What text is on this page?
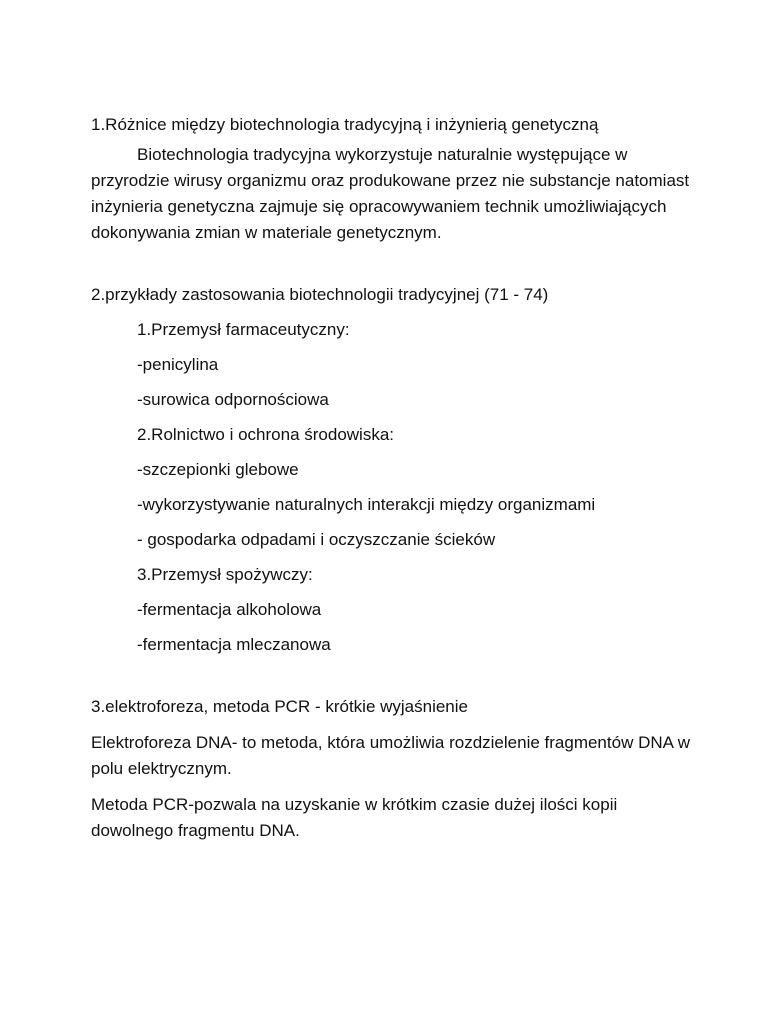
1.Różnice między biotechnologia tradycyjną i inżynierią genetyczną

Biotechnologia tradycyjna wykorzystuje naturalnie występujące w przyrodzie wirusy organizmu oraz produkowane przez nie substancje natomiast inżynieria genetyczna zajmuje się opracowywaniem technik umożliwiających dokonywania zmian w materiale genetycznym.

2.przykłady zastosowania biotechnologii tradycyjnej (71 - 74)

1.Przemysł farmaceutyczny:

-penicylina

-surowica odpornościowa

2.Rolnictwo i ochrona środowiska:

-szczepionki glebowe

-wykorzystywanie naturalnych interakcji między organizmami

- gospodarka odpadami i oczyszczanie ścieków

3.Przemysł spożywczy:

-fermentacja alkoholowa

-fermentacja mleczanowa

3.elektroforeza, metoda PCR - krótkie wyjaśnienie

Elektroforeza DNA- to metoda, która umożliwia rozdzielenie fragmentów DNA w polu elektrycznym.

Metoda PCR-pozwala na uzyskanie w krótkim czasie dużej ilości kopii dowolnego fragmentu DNA.
